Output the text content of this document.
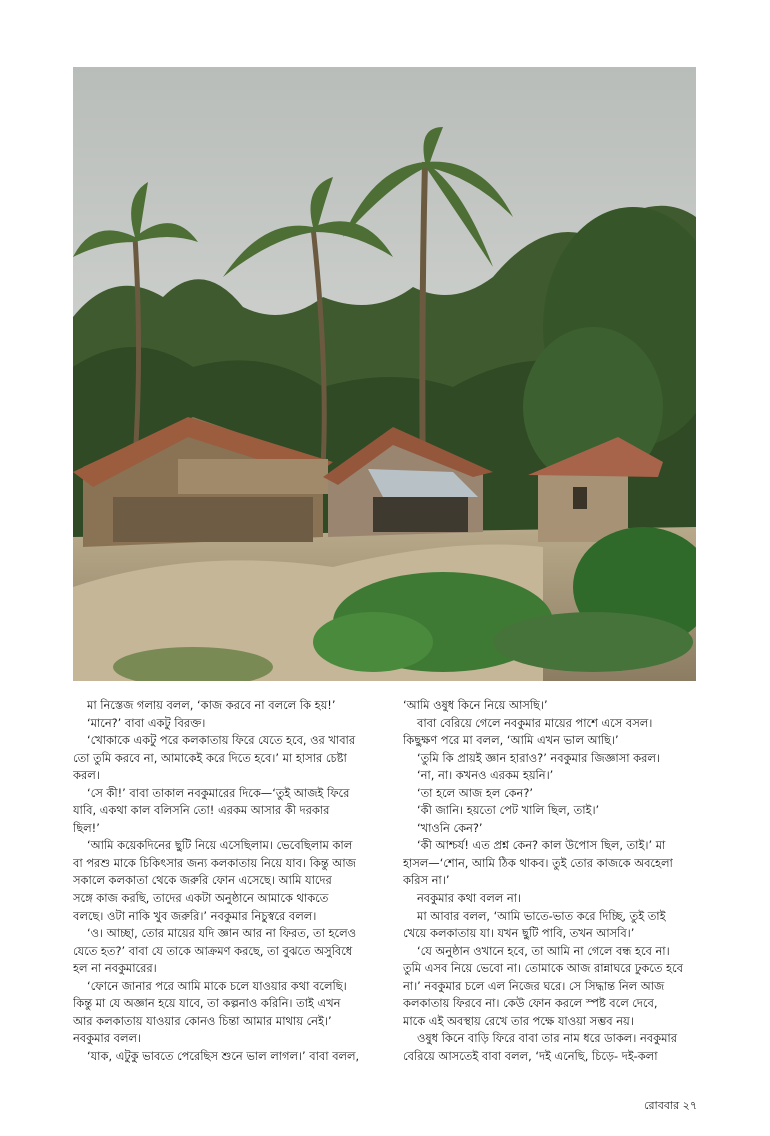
মা নিস্তেজ গলায় বলল, ‘কাজ করবে না বললে কি হয়!’

‘মানে?’ বাবা একটু বিরক্ত।

‘খোকাকে একটু পরে কলকাতায় ফিরে যেতে হবে, ওর খাবার

তো তুমি করবে না, আমাকেই করে দিতে হবে।’ মা হাসার চেষ্টা

করল।

‘সে কী!’ বাবা তাকাল নবকুমারের দিকে—‘তুই আজই ফিরে

যাবি, একথা কাল বলিসনি তো! এরকম আসার কী দরকার

ছিল!’

‘আমি কয়েকদিনের ছুটি নিয়ে এসেছিলাম। ভেবেছিলাম কাল

বা পরশু মাকে চিকিৎসার জন্য কলকাতায় নিয়ে যাব। কিন্তু আজ

সকালে কলকাতা থেকে জরুরি ফোন এসেছে। আমি যাদের

সঙ্গে কাজ করছি, তাদের একটা অনুষ্ঠানে আমাকে থাকতে

বলছে। ওটা নাকি খুব জরুরি।’ নবকুমার নিচুস্বরে বলল।

‘ও। আচ্ছা, তোর মায়ের যদি জ্ঞান আর না ফিরত, তা হলেও

যেতে হত?’ বাবা যে তাকে আক্রমণ করছে, তা বুঝতে অসুবিধে

হল না নবকুমারের।

‘ফোনে জানার পরে আমি মাকে চলে যাওয়ার কথা বলেছি।

কিন্তু মা যে অজ্ঞান হয়ে যাবে, তা কল্পনাও করিনি। তাই এখন

আর কলকাতায় যাওয়ার কোনও চিন্তা আমার মাথায় নেই।’

নবকুমার বলল।

‘যাক, এটুকু ভাবতে পেরেছিস শুনে ভাল লাগল।’ বাবা বলল,

‘আমি ওষুধ কিনে নিয়ে আসছি।’

বাবা বেরিয়ে গেলে নবকুমার মায়ের পাশে এসে বসল।

কিছুক্ষণ পরে মা বলল, ‘আমি এখন ভাল আছি।’

‘তুমি কি প্রায়ই জ্ঞান হারাও?’ নবকুমার জিজ্ঞাসা করল।

‘না, না। কখনও এরকম হয়নি।’

‘তা হলে আজ হল কেন?’

‘কী জানি। হয়তো পেট খালি ছিল, তাই।’

‘খাওনি কেন?’

‘কী আশ্চর্য! এত প্রশ্ন কেন? কাল উপোস ছিল, তাই।’ মা

হাসল—‘শোন, আমি ঠিক থাকব। তুই তোর কাজকে অবহেলা

করিস না।’

নবকুমার কথা বলল না।

মা আবার বলল, ‘আমি ভাতে-ভাত করে দিচ্ছি, তুই তাই

খেয়ে কলকাতায় যা। যখন ছুটি পাবি, তখন আসবি।’

‘যে অনুষ্ঠান ওখানে হবে, তা আমি না গেলে বন্ধ হবে না।

তুমি এসব নিয়ে ভেবো না। তোমাকে আজ রান্নাঘরে ঢুকতে হবে

না।’ নবকুমার চলে এল নিজের ঘরে। সে সিদ্ধান্ত নিল আজ

কলকাতায় ফিরবে না। কেউ ফোন করলে স্পষ্ট বলে দেবে,

মাকে এই অবস্থায় রেখে তার পক্ষে যাওয়া সম্ভব নয়।

ওষুধ কিনে বাড়ি ফিরে বাবা তার নাম ধরে ডাকল। নবকুমার

বেরিয়ে আসতেই বাবা বলল, ‘দই এনেছি, চিড়ে- দই-কলা

রোববার ২৭
